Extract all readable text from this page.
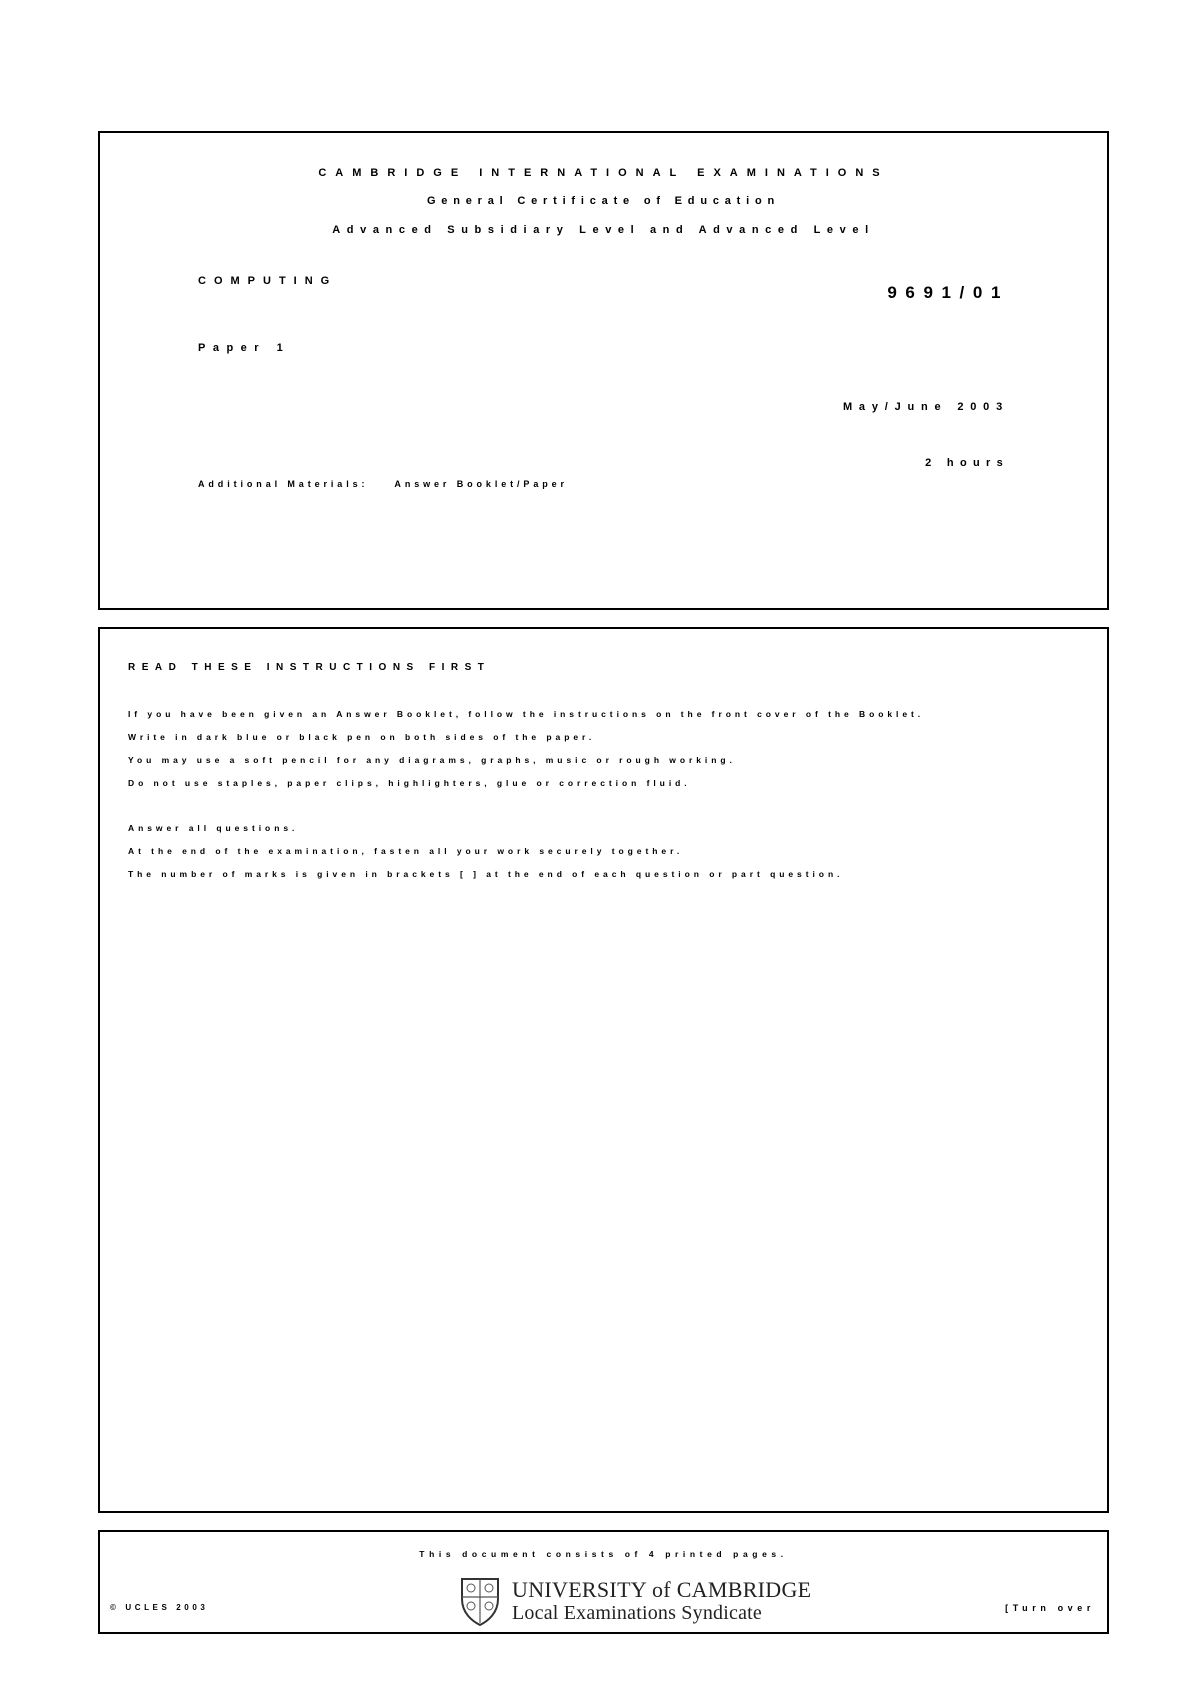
CAMBRIDGE INTERNATIONAL EXAMINATIONS
General Certificate of Education
Advanced Subsidiary Level and Advanced Level
COMPUTING
9691/01
Paper 1
May/June 2003
2 hours
Additional Materials:	Answer Booklet/Paper
READ THESE INSTRUCTIONS FIRST
If you have been given an Answer Booklet, follow the instructions on the front cover of the Booklet.
Write in dark blue or black pen on both sides of the paper.
You may use a soft pencil for any diagrams, graphs, music or rough working.
Do not use staples, paper clips, highlighters, glue or correction fluid.
Answer all questions.
At the end of the examination, fasten all your work securely together.
The number of marks is given in brackets [ ] at the end of each question or part question.
This document consists of 4 printed pages.
© UCLES 2003	[Turn over
UNIVERSITY of CAMBRIDGE
Local Examinations Syndicate
